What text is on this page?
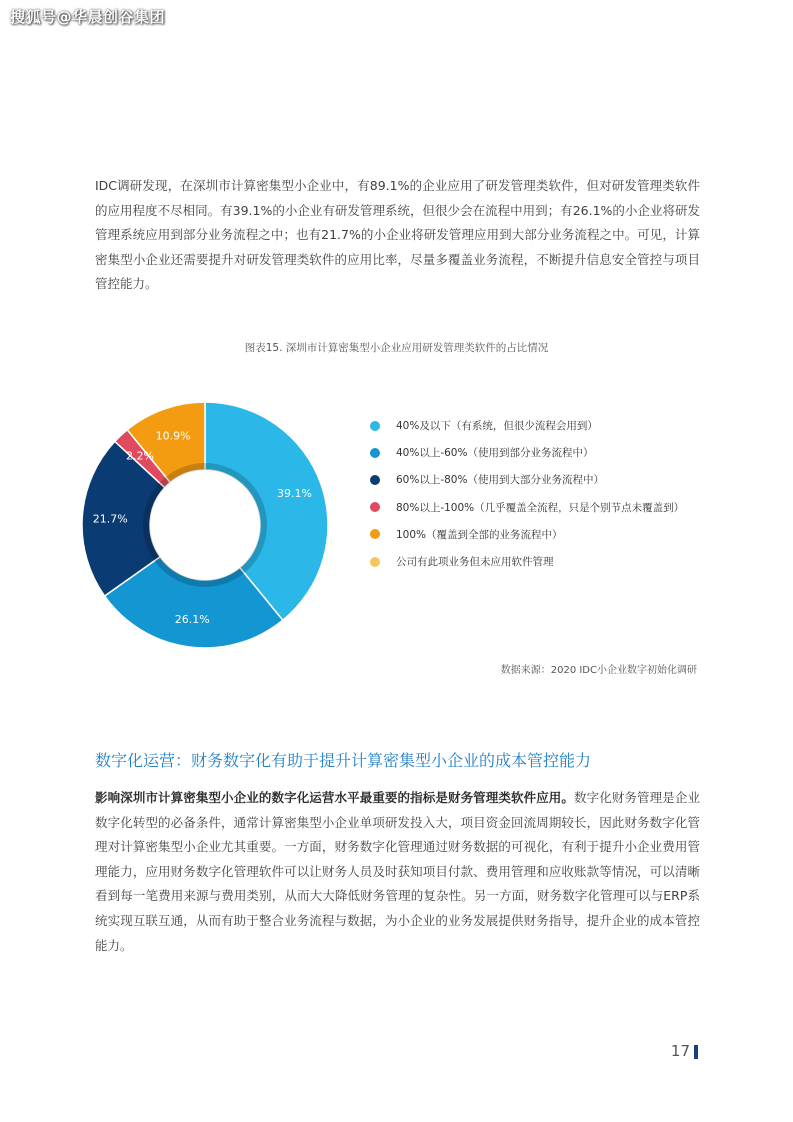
搜狐号@华晨创谷集团
IDC调研发现，在深圳市计算密集型小企业中，有89.1%的企业应用了研发管理类软件，但对研发管理类软件的应用程度不尽相同。有39.1%的小企业有研发管理系统，但很少会在流程中用到；有26.1%的小企业将研发管理系统应用到部分业务流程之中；也有21.7%的小企业将研发管理应用到大部分业务流程之中。可见，计算密集型小企业还需要提升对研发管理类软件的应用比率，尽量多覆盖业务流程，不断提升信息安全管控与项目管控能力。
图表15. 深圳市计算密集型小企业应用研发管理类软件的占比情况
39.1%
26.1%
21.7%
2.2%
10.9%
40%及以下（有系统，但很少流程会用到）
40%以上-60%（使用到部分业务流程中）
60%以上-80%（使用到大部分业务流程中）
80%以上-100%（几乎覆盖全流程，只是个别节点未覆盖到）
100%（覆盖到全部的业务流程中）
公司有此项业务但未应用软件管理
数据来源：2020 IDC小企业数字初始化调研
数字化运营：财务数字化有助于提升计算密集型小企业的成本管控能力
影响深圳市计算密集型小企业的数字化运营水平最重要的指标是财务管理类软件应用。数字化财务管理是企业数字化转型的必备条件，通常计算密集型小企业单项研发投入大，项目资金回流周期较长，因此财务数字化管理对计算密集型小企业尤其重要。一方面，财务数字化管理通过财务数据的可视化，有利于提升小企业费用管理能力，应用财务数字化管理软件可以让财务人员及时获知项目付款、费用管理和应收账款等情况，可以清晰看到每一笔费用来源与费用类别，从而大大降低财务管理的复杂性。另一方面，财务数字化管理可以与ERP系统实现互联互通，从而有助于整合业务流程与数据，为小企业的业务发展提供财务指导，提升企业的成本管控能力。
17
